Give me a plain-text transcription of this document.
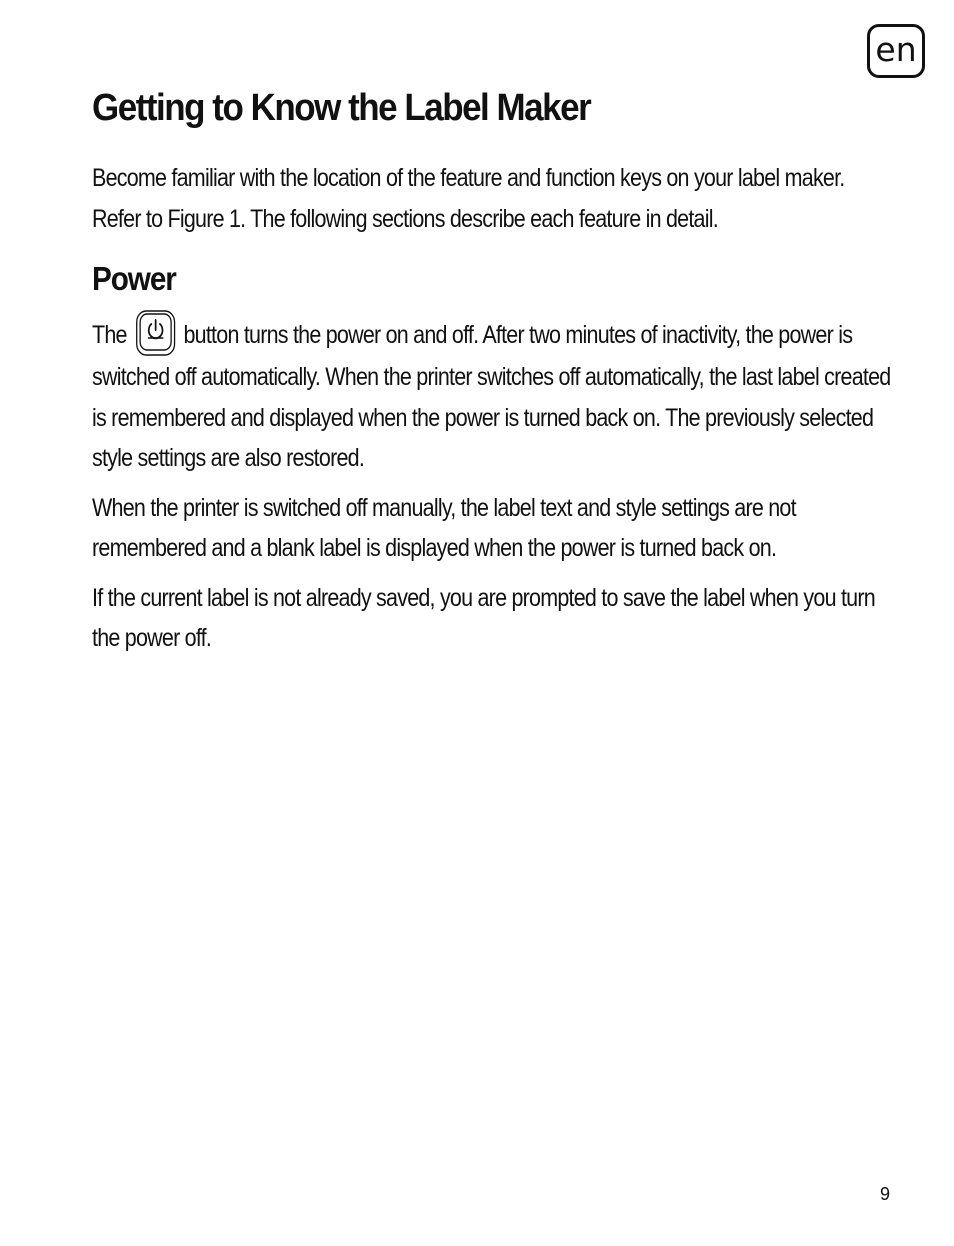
en
Getting to Know the Label Maker

Become familiar with the location of the feature and function keys on your label maker. Refer to Figure 1. The following sections describe each feature in detail.

Power

The button turns the power on and off. After two minutes of inactivity, the power is switched off automatically. When the printer switches off automatically, the last label created is remembered and displayed when the power is turned back on. The previously selected style settings are also restored.

When the printer is switched off manually, the label text and style settings are not remembered and a blank label is displayed when the power is turned back on.

If the current label is not already saved, you are prompted to save the label when you turn the power off.

9
